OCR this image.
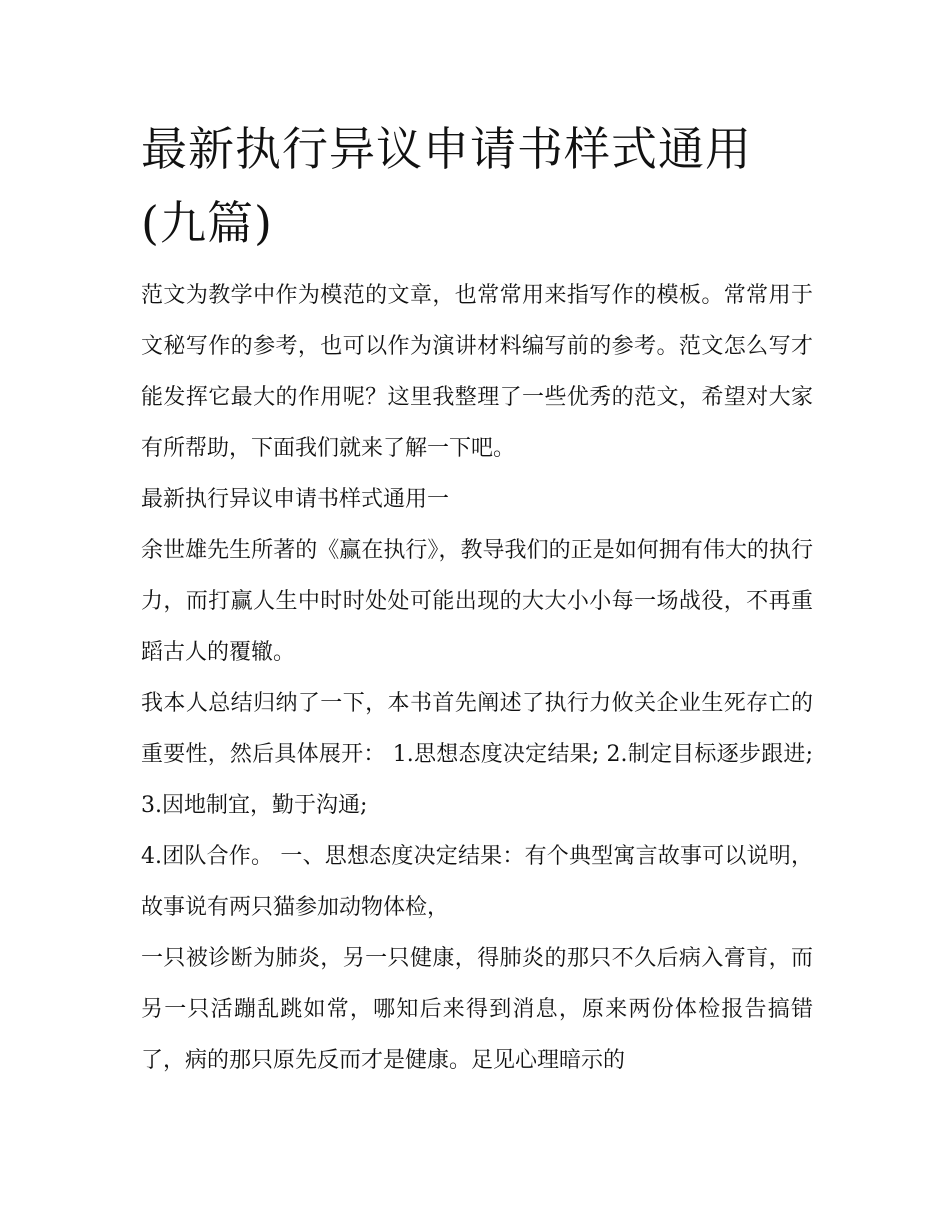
最新执行异议申请书样式通用
(九篇)

范文为教学中作为模范的文章，也常常用来指写作的模板。常常用于文秘写作的参考，也可以作为演讲材料编写前的参考。范文怎么写才能发挥它最大的作用呢？这里我整理了一些优秀的范文，希望对大家有所帮助，下面我们就来了解一下吧。

最新执行异议申请书样式通用一

余世雄先生所著的《赢在执行》，教导我们的正是如何拥有伟大的执行力，而打赢人生中时时处处可能出现的大大小小每一场战役，不再重蹈古人的覆辙。

我本人总结归纳了一下，本书首先阐述了执行力攸关企业生死存亡的重要性，然后具体展开： 1.思想态度决定结果; 2.制定目标逐步跟进; 3.因地制宜，勤于沟通;

4.团队合作。 一、思想态度决定结果：有个典型寓言故事可以说明，故事说有两只猫参加动物体检，

一只被诊断为肺炎，另一只健康，得肺炎的那只不久后病入膏肓，而另一只活蹦乱跳如常，哪知后来得到消息，原来两份体检报告搞错了，病的那只原先反而才是健康。足见心理暗示的
